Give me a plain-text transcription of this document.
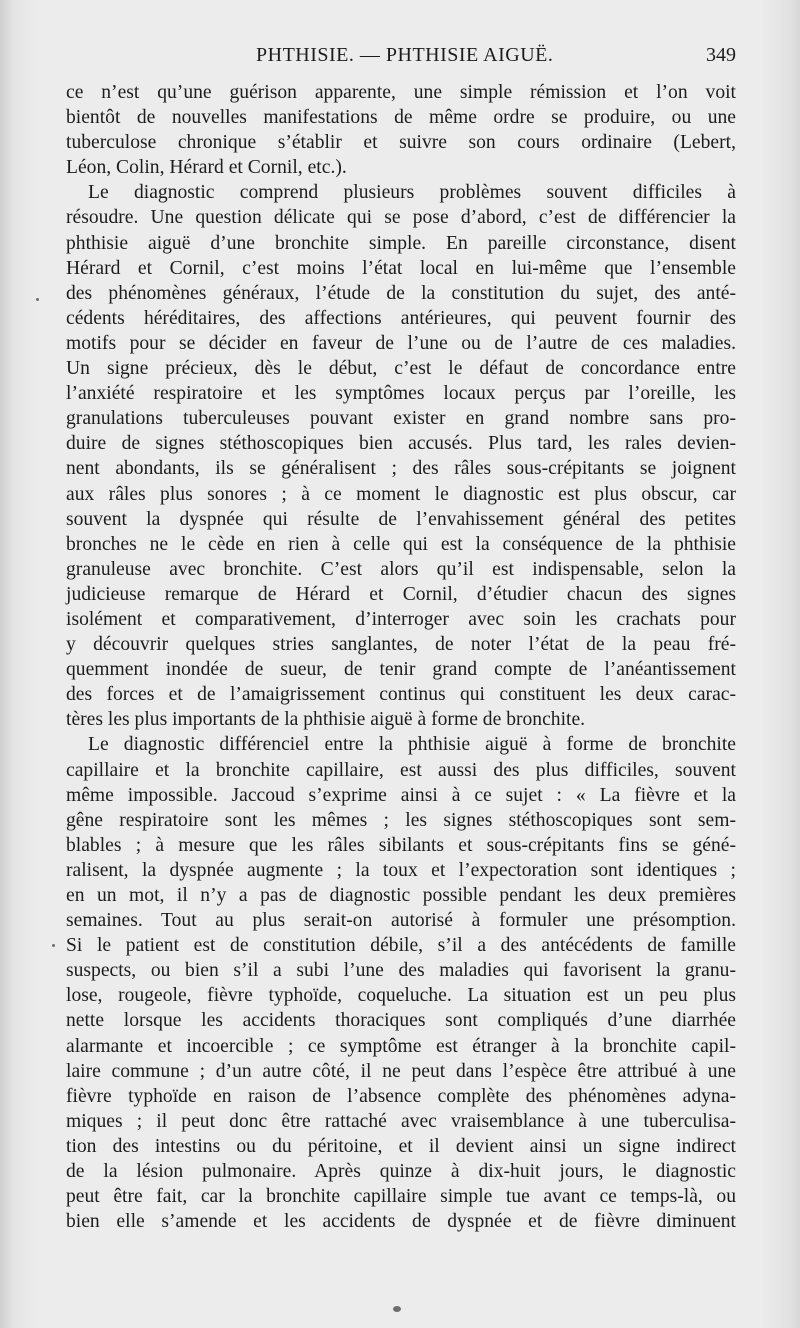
PHTHISIE. — PHTHISIE AIGUË.	349
ce n’est qu’une guérison apparente, une simple rémission et l’on voit
bientôt de nouvelles manifestations de même ordre se produire, ou une
tuberculose chronique s’établir et suivre son cours ordinaire (Lebert,
Léon, Colin, Hérard et Cornil, etc.).
Le diagnostic comprend plusieurs problèmes souvent difficiles à
résoudre. Une question délicate qui se pose d’abord, c’est de différencier la
phthisie aiguë d’une bronchite simple. En pareille circonstance, disent
Hérard et Cornil, c’est moins l’état local en lui-même que l’ensemble
des phénomènes généraux, l’étude de la constitution du sujet, des anté-
cédents héréditaires, des affections antérieures, qui peuvent fournir des
motifs pour se décider en faveur de l’une ou de l’autre de ces maladies.
Un signe précieux, dès le début, c’est le défaut de concordance entre
l’anxiété respiratoire et les symptômes locaux perçus par l’oreille, les
granulations tuberculeuses pouvant exister en grand nombre sans pro-
duire de signes stéthoscopiques bien accusés. Plus tard, les rales devien-
nent abondants, ils se généralisent ; des râles sous-crépitants se joignent
aux râles plus sonores ; à ce moment le diagnostic est plus obscur, car
souvent la dyspnée qui résulte de l’envahissement général des petites
bronches ne le cède en rien à celle qui est la conséquence de la phthisie
granuleuse avec bronchite. C’est alors qu’il est indispensable, selon la
judicieuse remarque de Hérard et Cornil, d’étudier chacun des signes
isolément et comparativement, d’interroger avec soin les crachats pour
y découvrir quelques stries sanglantes, de noter l’état de la peau fré-
quemment inondée de sueur, de tenir grand compte de l’anéantissement
des forces et de l’amaigrissement continus qui constituent les deux carac-
tères les plus importants de la phthisie aiguë à forme de bronchite.
Le diagnostic différenciel entre la phthisie aiguë à forme de bronchite
capillaire et la bronchite capillaire, est aussi des plus difficiles, souvent
même impossible. Jaccoud s’exprime ainsi à ce sujet : « La fièvre et la
gêne respiratoire sont les mêmes ; les signes stéthoscopiques sont sem-
blables ; à mesure que les râles sibilants et sous-crépitants fins se géné-
ralisent, la dyspnée augmente ; la toux et l’expectoration sont identiques ;
en un mot, il n’y a pas de diagnostic possible pendant les deux premières
semaines. Tout au plus serait-on autorisé à formuler une présomption.
Si le patient est de constitution débile, s’il a des antécédents de famille
suspects, ou bien s’il a subi l’une des maladies qui favorisent la granu-
lose, rougeole, fièvre typhoïde, coqueluche. La situation est un peu plus
nette lorsque les accidents thoraciques sont compliqués d’une diarrhée
alarmante et incoercible ; ce symptôme est étranger à la bronchite capil-
laire commune ; d’un autre côté, il ne peut dans l’espèce être attribué à une
fièvre typhoïde en raison de l’absence complète des phénomènes adyna-
miques ; il peut donc être rattaché avec vraisemblance à une tuberculisa-
tion des intestins ou du péritoine, et il devient ainsi un signe indirect
de la lésion pulmonaire. Après quinze à dix-huit jours, le diagnostic
peut être fait, car la bronchite capillaire simple tue avant ce temps-là, ou
bien elle s’amende et les accidents de dyspnée et de fièvre diminuent
